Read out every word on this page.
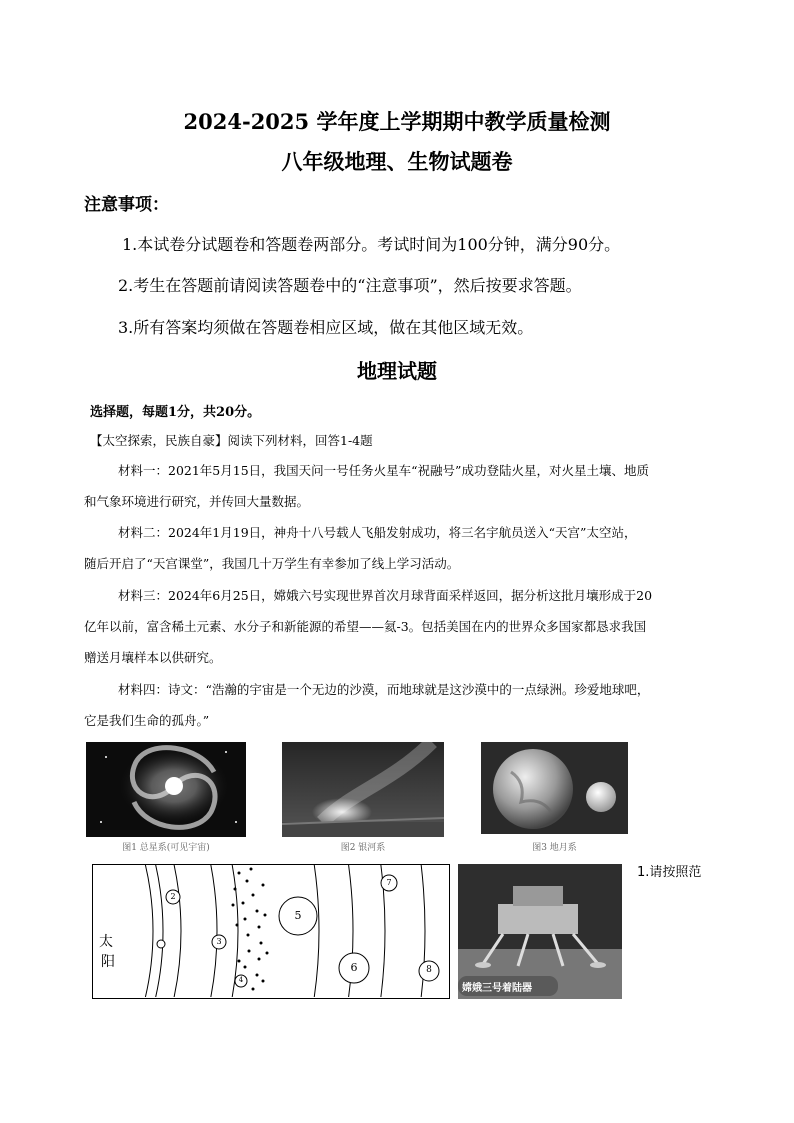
2024-2025 学年度上学期期中教学质量检测
八年级地理、生物试题卷
注意事项：
1.本试卷分试题卷和答题卷两部分。考试时间为100分钟，满分90分。
2.考生在答题前请阅读答题卷中的“注意事项”，然后按要求答题。
3.所有答案均须做在答题卷相应区域，做在其他区域无效。
地理试题
选择题，每题1分，共20分。
【太空探索，民族自豪】阅读下列材料，回答1-4题
材料一：2021年5月15日，我国天问一号任务火星车“祝融号”成功登陆火星，对火星土壤、地质
和气象环境进行研究，并传回大量数据。
材料二：2024年1月19日，神舟十八号载人飞船发射成功，将三名宇航员送入“天宫”太空站，
随后开启了“天宫课堂”，我国几十万学生有幸参加了线上学习活动。
材料三：2024年6月25日，嫦娥六号实现世界首次月球背面采样返回，据分析这批月壤形成于20
亿年以前，富含稀土元素、水分子和新能源的希望——氦-3。包括美国在内的世界众多国家都恳求我国
赠送月壤样本以供研究。
材料四：诗文：“浩瀚的宇宙是一个无边的沙漠，而地球就是这沙漠中的一点绿洲。珍爱地球吧，
它是我们生命的孤舟。”
图1 总星系(可见宇宙)	图2 银河系	图3 地月系
太
阳
2
3
4
5
6
7
8
嫦娥三号着陆器
1.请按照范
